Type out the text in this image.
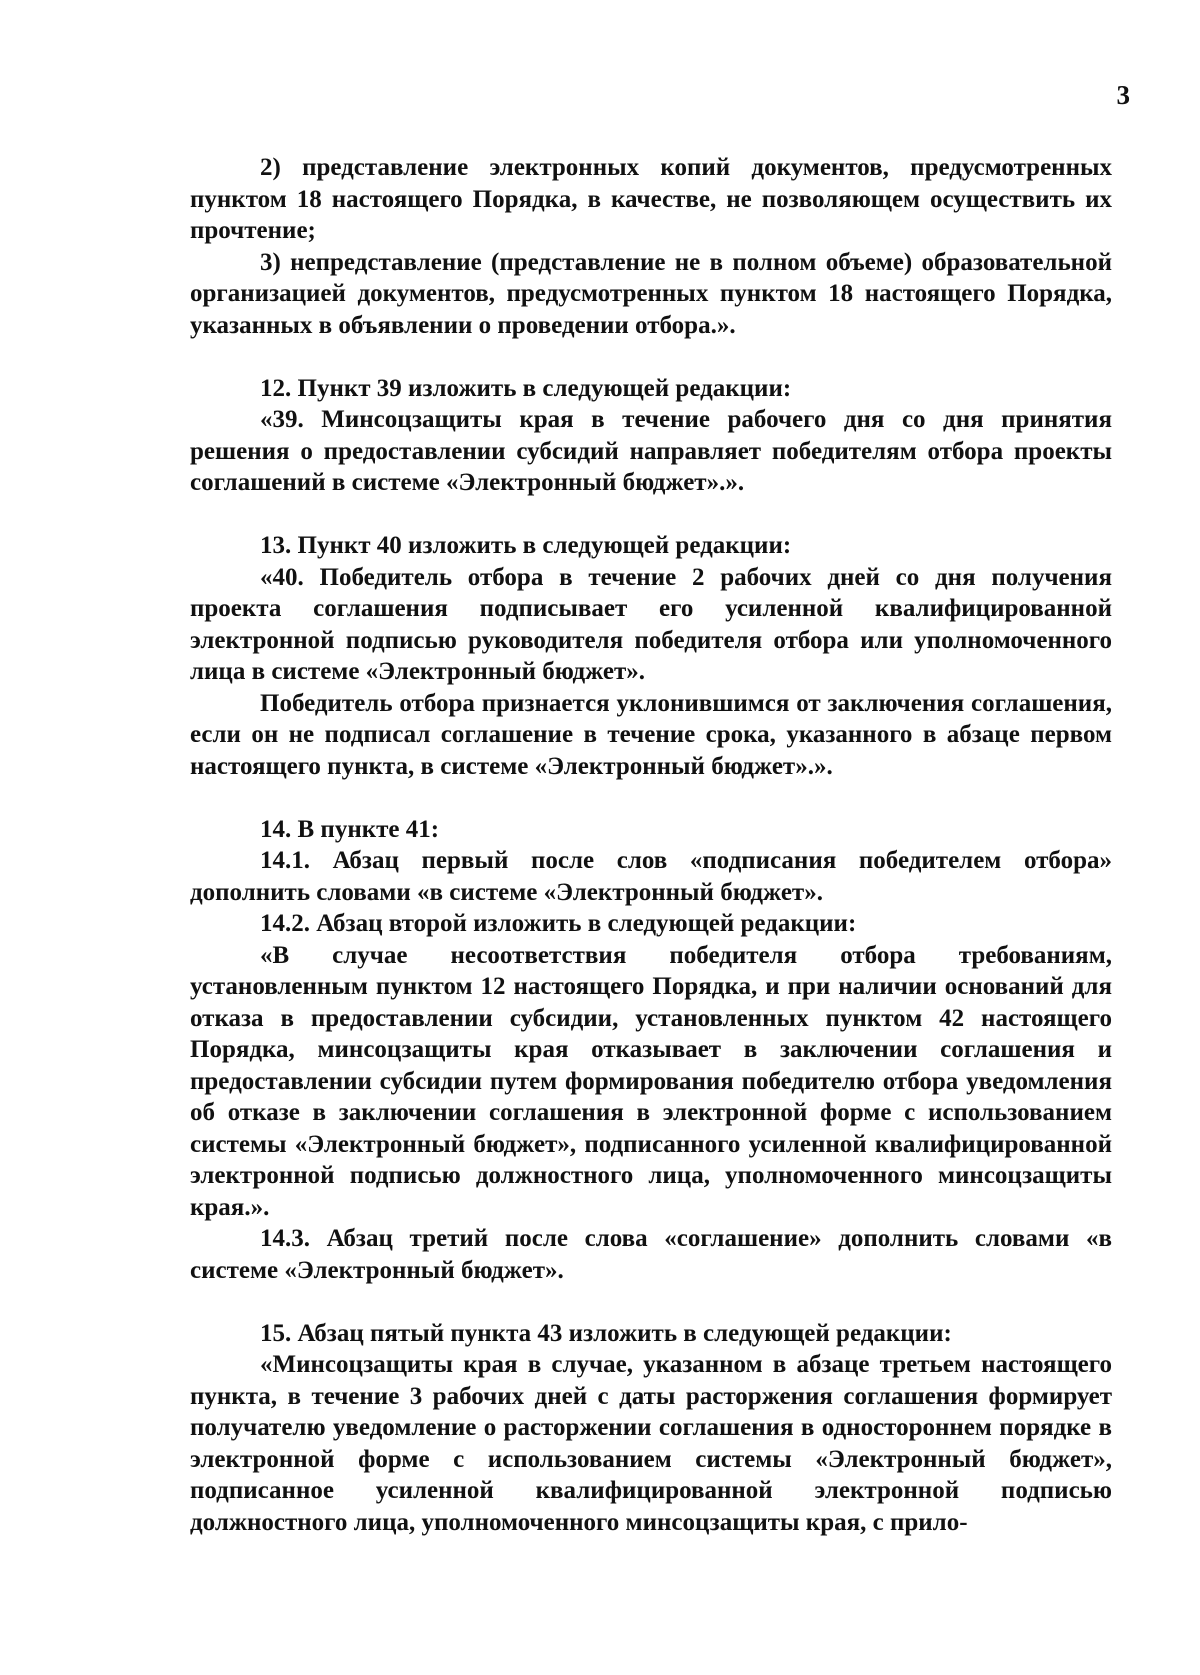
3

2) представление электронных копий документов, предусмотренных пунктом 18 настоящего Порядка, в качестве, не позволяющем осуществить их прочтение;

3) непредставление (представление не в полном объеме) образовательной организацией документов, предусмотренных пунктом 18 настоящего Порядка, указанных в объявлении о проведении отбора.».

12. Пункт 39 изложить в следующей редакции:

«39. Минсоцзащиты края в течение рабочего дня со дня принятия решения о предоставлении субсидий направляет победителям отбора проекты соглашений в системе «Электронный бюджет».».

13. Пункт 40 изложить в следующей редакции:

«40. Победитель отбора в течение 2 рабочих дней со дня получения проекта соглашения подписывает его усиленной квалифицированной электронной подписью руководителя победителя отбора или уполномоченного лица в системе «Электронный бюджет».

Победитель отбора признается уклонившимся от заключения соглашения, если он не подписал соглашение в течение срока, указанного в абзаце первом настоящего пункта, в системе «Электронный бюджет».».

14. В пункте 41:

14.1. Абзац первый после слов «подписания победителем отбора» дополнить словами «в системе «Электронный бюджет».

14.2. Абзац второй изложить в следующей редакции:

«В случае несоответствия победителя отбора требованиям, установленным пунктом 12 настоящего Порядка, и при наличии оснований для отказа в предоставлении субсидии, установленных пунктом 42 настоящего Порядка, минсоцзащиты края отказывает в заключении соглашения и предоставлении субсидии путем формирования победителю отбора уведомления об отказе в заключении соглашения в электронной форме с использованием системы «Электронный бюджет», подписанного усиленной квалифицированной электронной подписью должностного лица, уполномоченного минсоцзащиты края.».

14.3. Абзац третий после слова «соглашение» дополнить словами «в системе «Электронный бюджет».

15. Абзац пятый пункта 43 изложить в следующей редакции:

«Минсоцзащиты края в случае, указанном в абзаце третьем настоящего пункта, в течение 3 рабочих дней с даты расторжения соглашения формирует получателю уведомление о расторжении соглашения в одностороннем порядке в электронной форме с использованием системы «Электронный бюджет», подписанное усиленной квалифицированной электронной подписью должностного лица, уполномоченного минсоцзащиты края, с прило-
